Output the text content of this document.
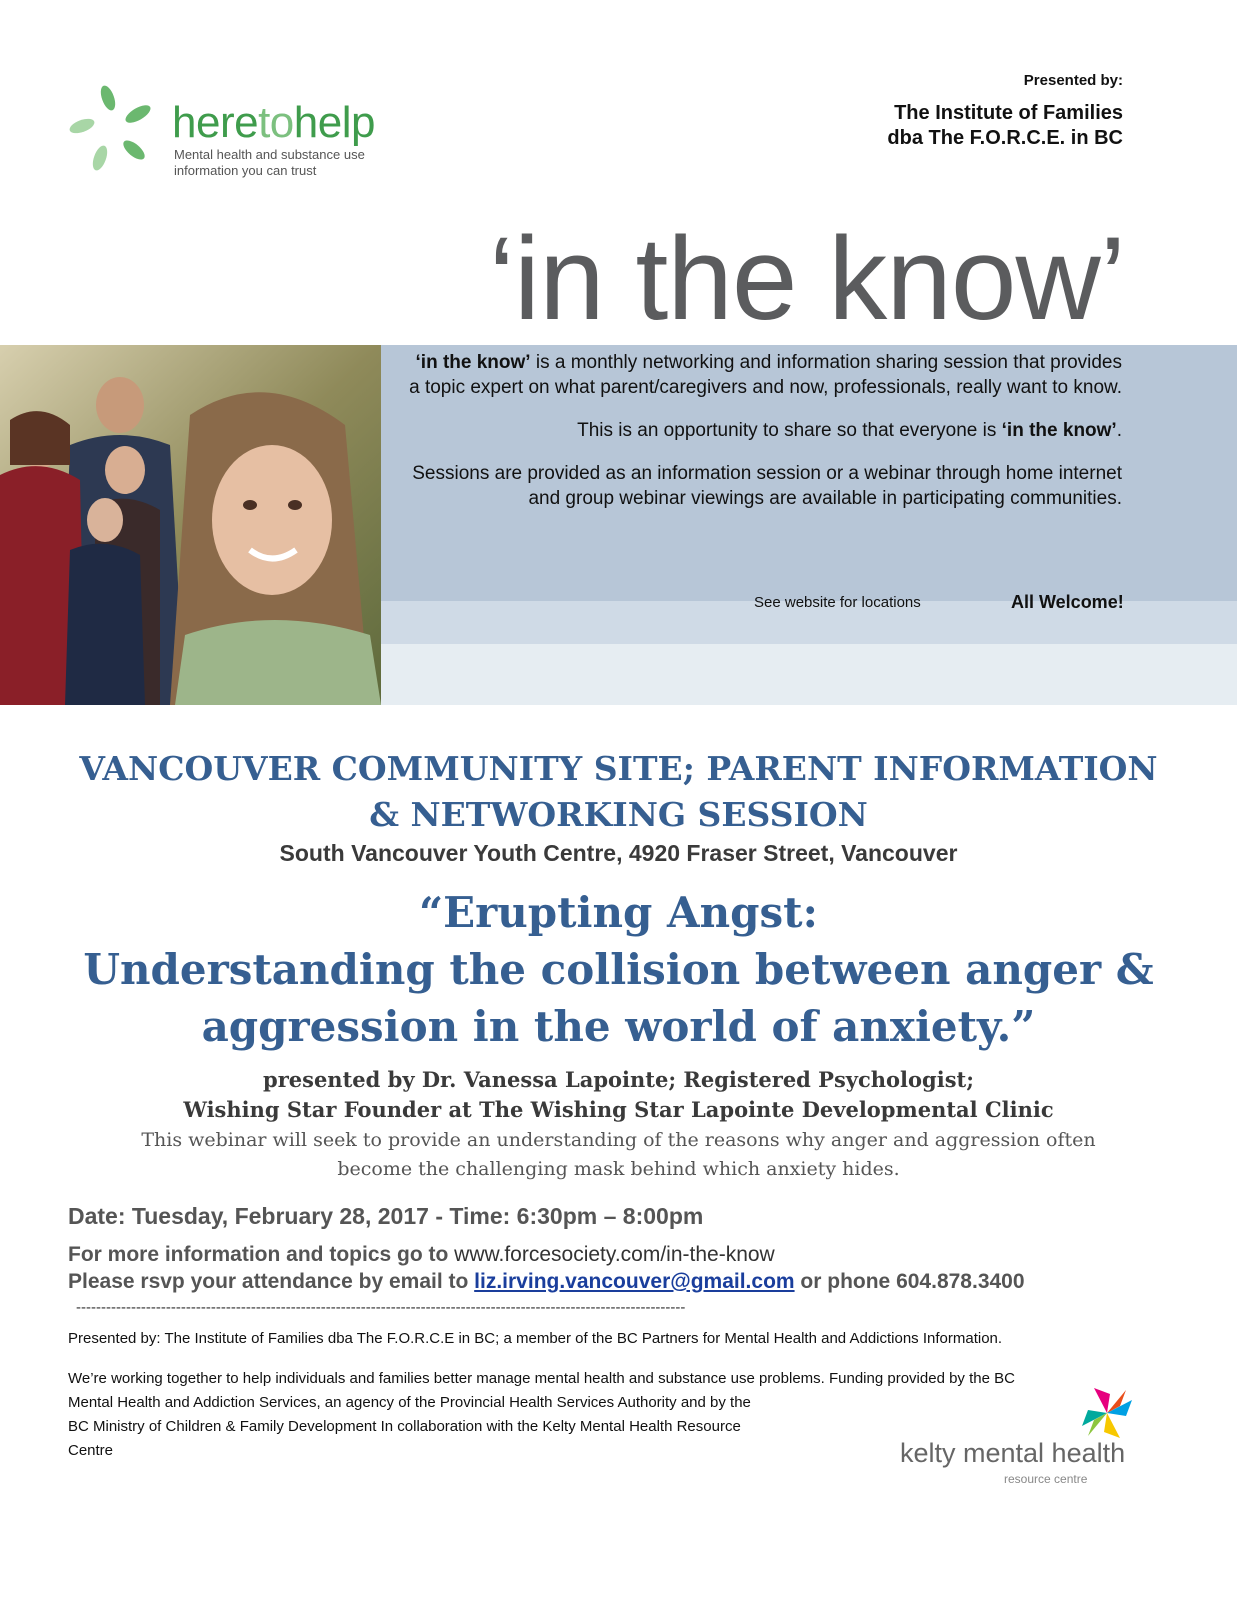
heretohelp
Mental health and substance use
information you can trust
Presented by:
The Institute of Families
dba The F.O.R.C.E. in BC
‘in the know’

‘in the know’ is a monthly networking and information sharing session that provides a topic expert on what parent/caregivers and now, professionals, really want to know.

This is an opportunity to share so that everyone is ‘in the know’.

Sessions are provided as an information session or a webinar through home internet and group webinar viewings are available in participating communities.

See website for locations	All Welcome!
VANCOUVER COMMUNITY SITE; PARENT INFORMATION
& NETWORKING SESSION
South Vancouver Youth Centre, 4920 Fraser Street, Vancouver
“Erupting Angst:
Understanding the collision between anger &
aggression in the world of anxiety.”
presented by Dr. Vanessa Lapointe; Registered Psychologist;
Wishing Star Founder at The Wishing Star Lapointe Developmental Clinic
This webinar will seek to provide an understanding of the reasons why anger and aggression often
become the challenging mask behind which anxiety hides.
Date: Tuesday, February 28, 2017 - Time: 6:30pm – 8:00pm
For more information and topics go to www.forcesociety.com/in-the-know
Please rsvp your attendance by email to liz.irving.vancouver@gmail.com or phone 604.878.3400
--------------------------------------------------------------------------------------------------------------------------
Presented by: The Institute of Families dba The F.O.R.C.E in BC; a member of the BC Partners for Mental Health and Addictions Information.
We’re working together to help individuals and families better manage mental health and substance use problems. Funding provided by the BC
Mental Health and Addiction Services, an agency of the Provincial Health Services Authority and by the
BC Ministry of Children & Family Development In collaboration with the Kelty Mental Health Resource
Centre	kelty mental health
resource centre
